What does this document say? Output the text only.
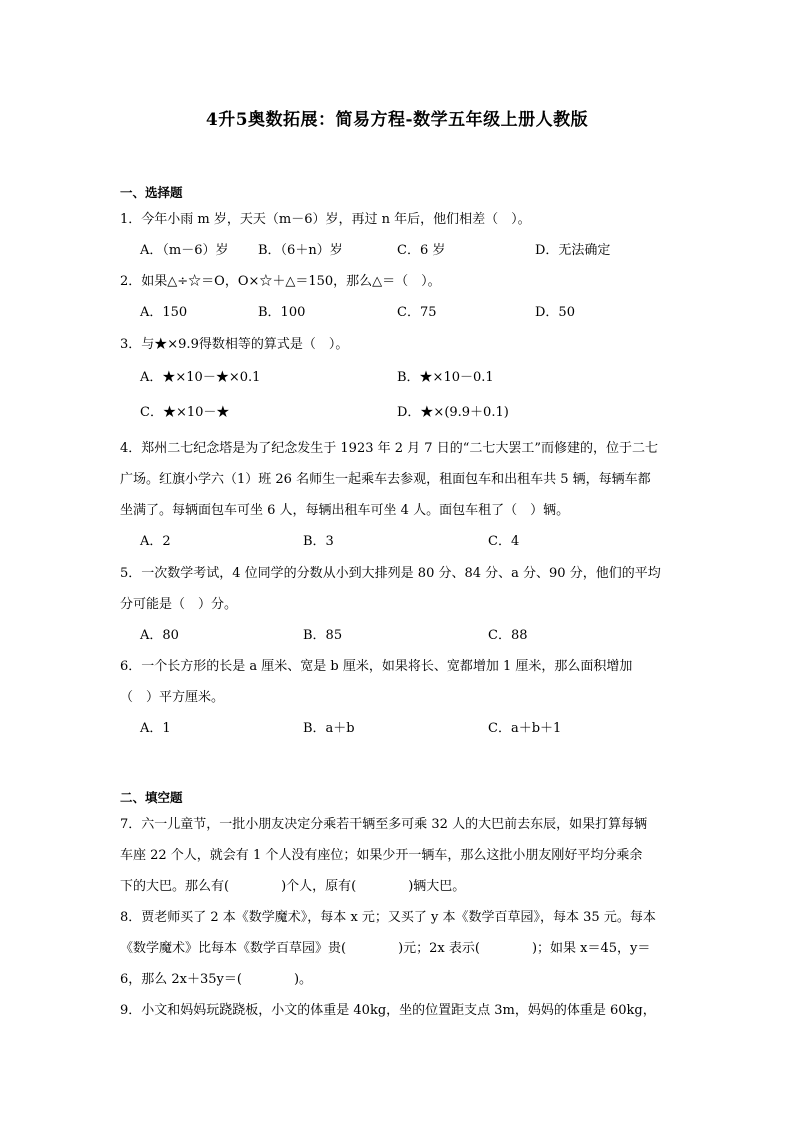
4升5奥数拓展：简易方程-数学五年级上册人教版
一、选择题
1．今年小雨 m 岁，天天（m－6）岁，再过 n 年后，他们相差（　）。
A．（m－6）岁 B．（6＋n）岁	C．6 岁	D．无法确定
2．如果△÷☆＝O，O×☆＋△＝150，那么△＝（　）。
A．150	B．100	C．75	D．50
3．与★×9.9得数相等的算式是（　）。
A．★×10－★×0.1	B．★×10－0.1
C．★×10－★	D．★×(9.9＋0.1)
4．郑州二七纪念塔是为了纪念发生于 1923 年 2 月 7 日的“二七大罢工”而修建的，位于二七
广场。红旗小学六（1）班 26 名师生一起乘车去参观，租面包车和出租车共 5 辆，每辆车都
坐满了。每辆面包车可坐 6 人，每辆出租车可坐 4 人。面包车租了（　）辆。
A．2	B．3	C．4
5．一次数学考试，4 位同学的分数从小到大排列是 80 分、84 分、a 分、90 分，他们的平均
分可能是（　）分。
A．80	B．85	C．88
6．一个长方形的长是 a 厘米、宽是 b 厘米，如果将长、宽都增加 1 厘米，那么面积增加
（　）平方厘米。
A．1	B．a＋b	C．a＋b＋1
二、填空题
7．六一儿童节，一批小朋友决定分乘若干辆至多可乘 32 人的大巴前去东辰，如果打算每辆
车座 22 个人，就会有 1 个人没有座位；如果少开一辆车，那么这批小朋友刚好平均分乘余
下的大巴。那么有(　　　　)个人，原有(　　　　)辆大巴。
8．贾老师买了 2 本《数学魔术》，每本 x 元；又买了 y 本《数学百草园》，每本 35 元。每本
《数学魔术》比每本《数学百草园》贵(　　　　)元；2x 表示(　　　　)；如果 x＝45，y＝
6，那么 2x＋35y＝(　　　　)。
9．小文和妈妈玩跷跷板，小文的体重是 40kg，坐的位置距支点 3m，妈妈的体重是 60kg，
